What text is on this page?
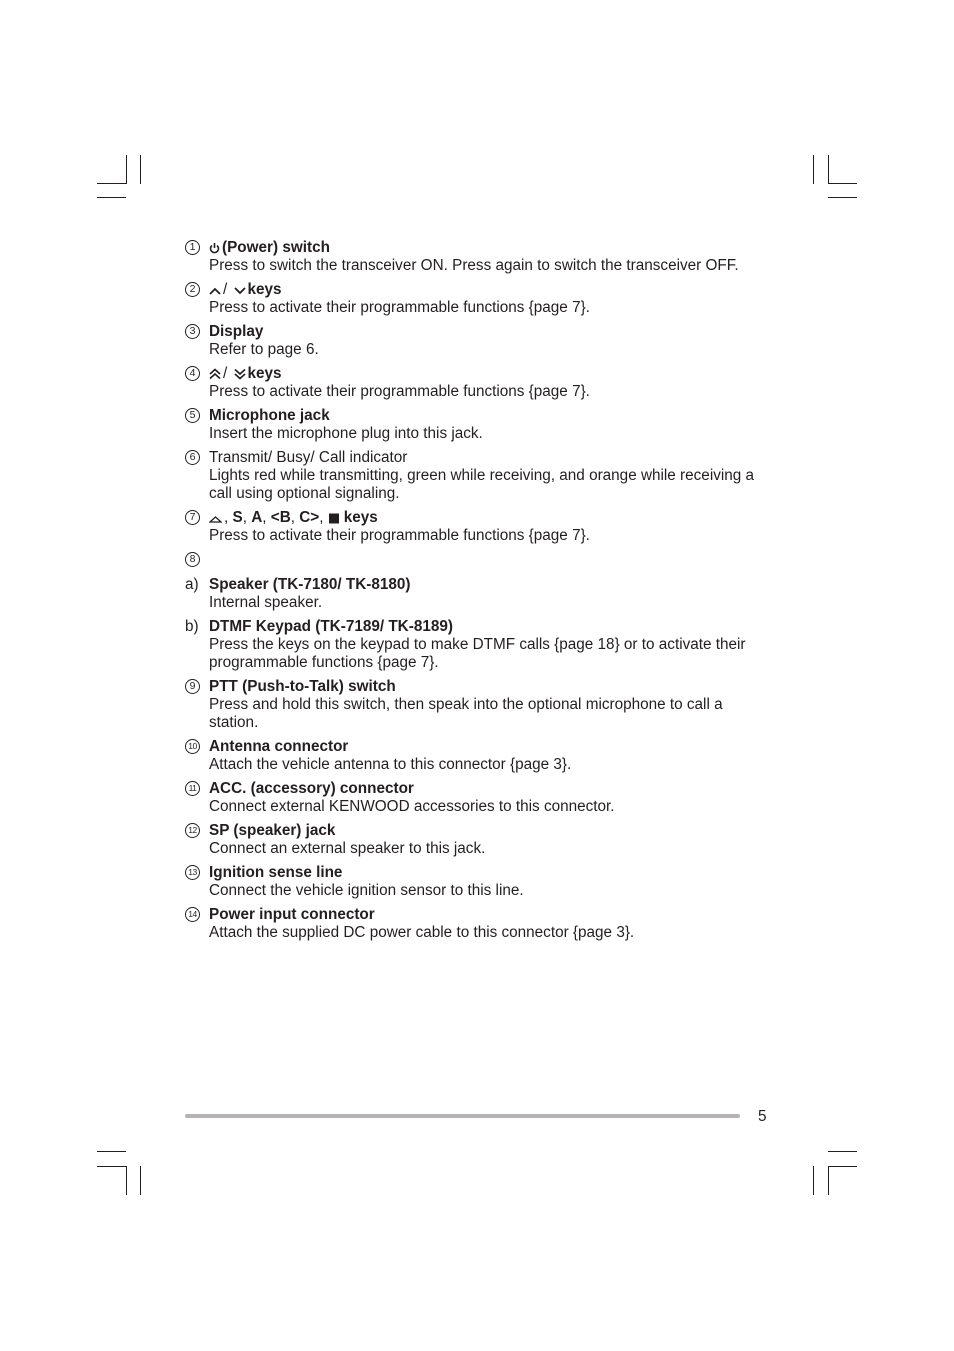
1	(Power) switch
Press to switch the transceiver ON. Press again to switch the transceiver OFF.
2	/ keys
Press to activate their programmable functions {page 7}.
3 Display
Refer to page 6.
4	/ keys
Press to activate their programmable functions {page 7}.
5 Microphone jack
Insert the microphone plug into this jack.
6 Transmit/ Busy/ Call indicator
Lights red while transmitting, green while receiving, and orange while receiving a call using optional signaling.
7	, S, A, <B, C>, keys
Press to activate their programmable functions {page 7}.
8
a) Speaker (TK-7180/ TK-8180)
Internal speaker.
b) DTMF Keypad (TK-7189/ TK-8189)
Press the keys on the keypad to make DTMF calls {page 18} or to activate their programmable functions {page 7}.
9 PTT (Push-to-Talk) switch
Press and hold this switch, then speak into the optional microphone to call a station.
10 Antenna connector
Attach the vehicle antenna to this connector {page 3}.
11 ACC. (accessory) connector
Connect external KENWOOD accessories to this connector.
12 SP (speaker) jack
Connect an external speaker to this jack.
13 Ignition sense line
Connect the vehicle ignition sensor to this line.
14 Power input connector
Attach the supplied DC power cable to this connector {page 3}.
5
